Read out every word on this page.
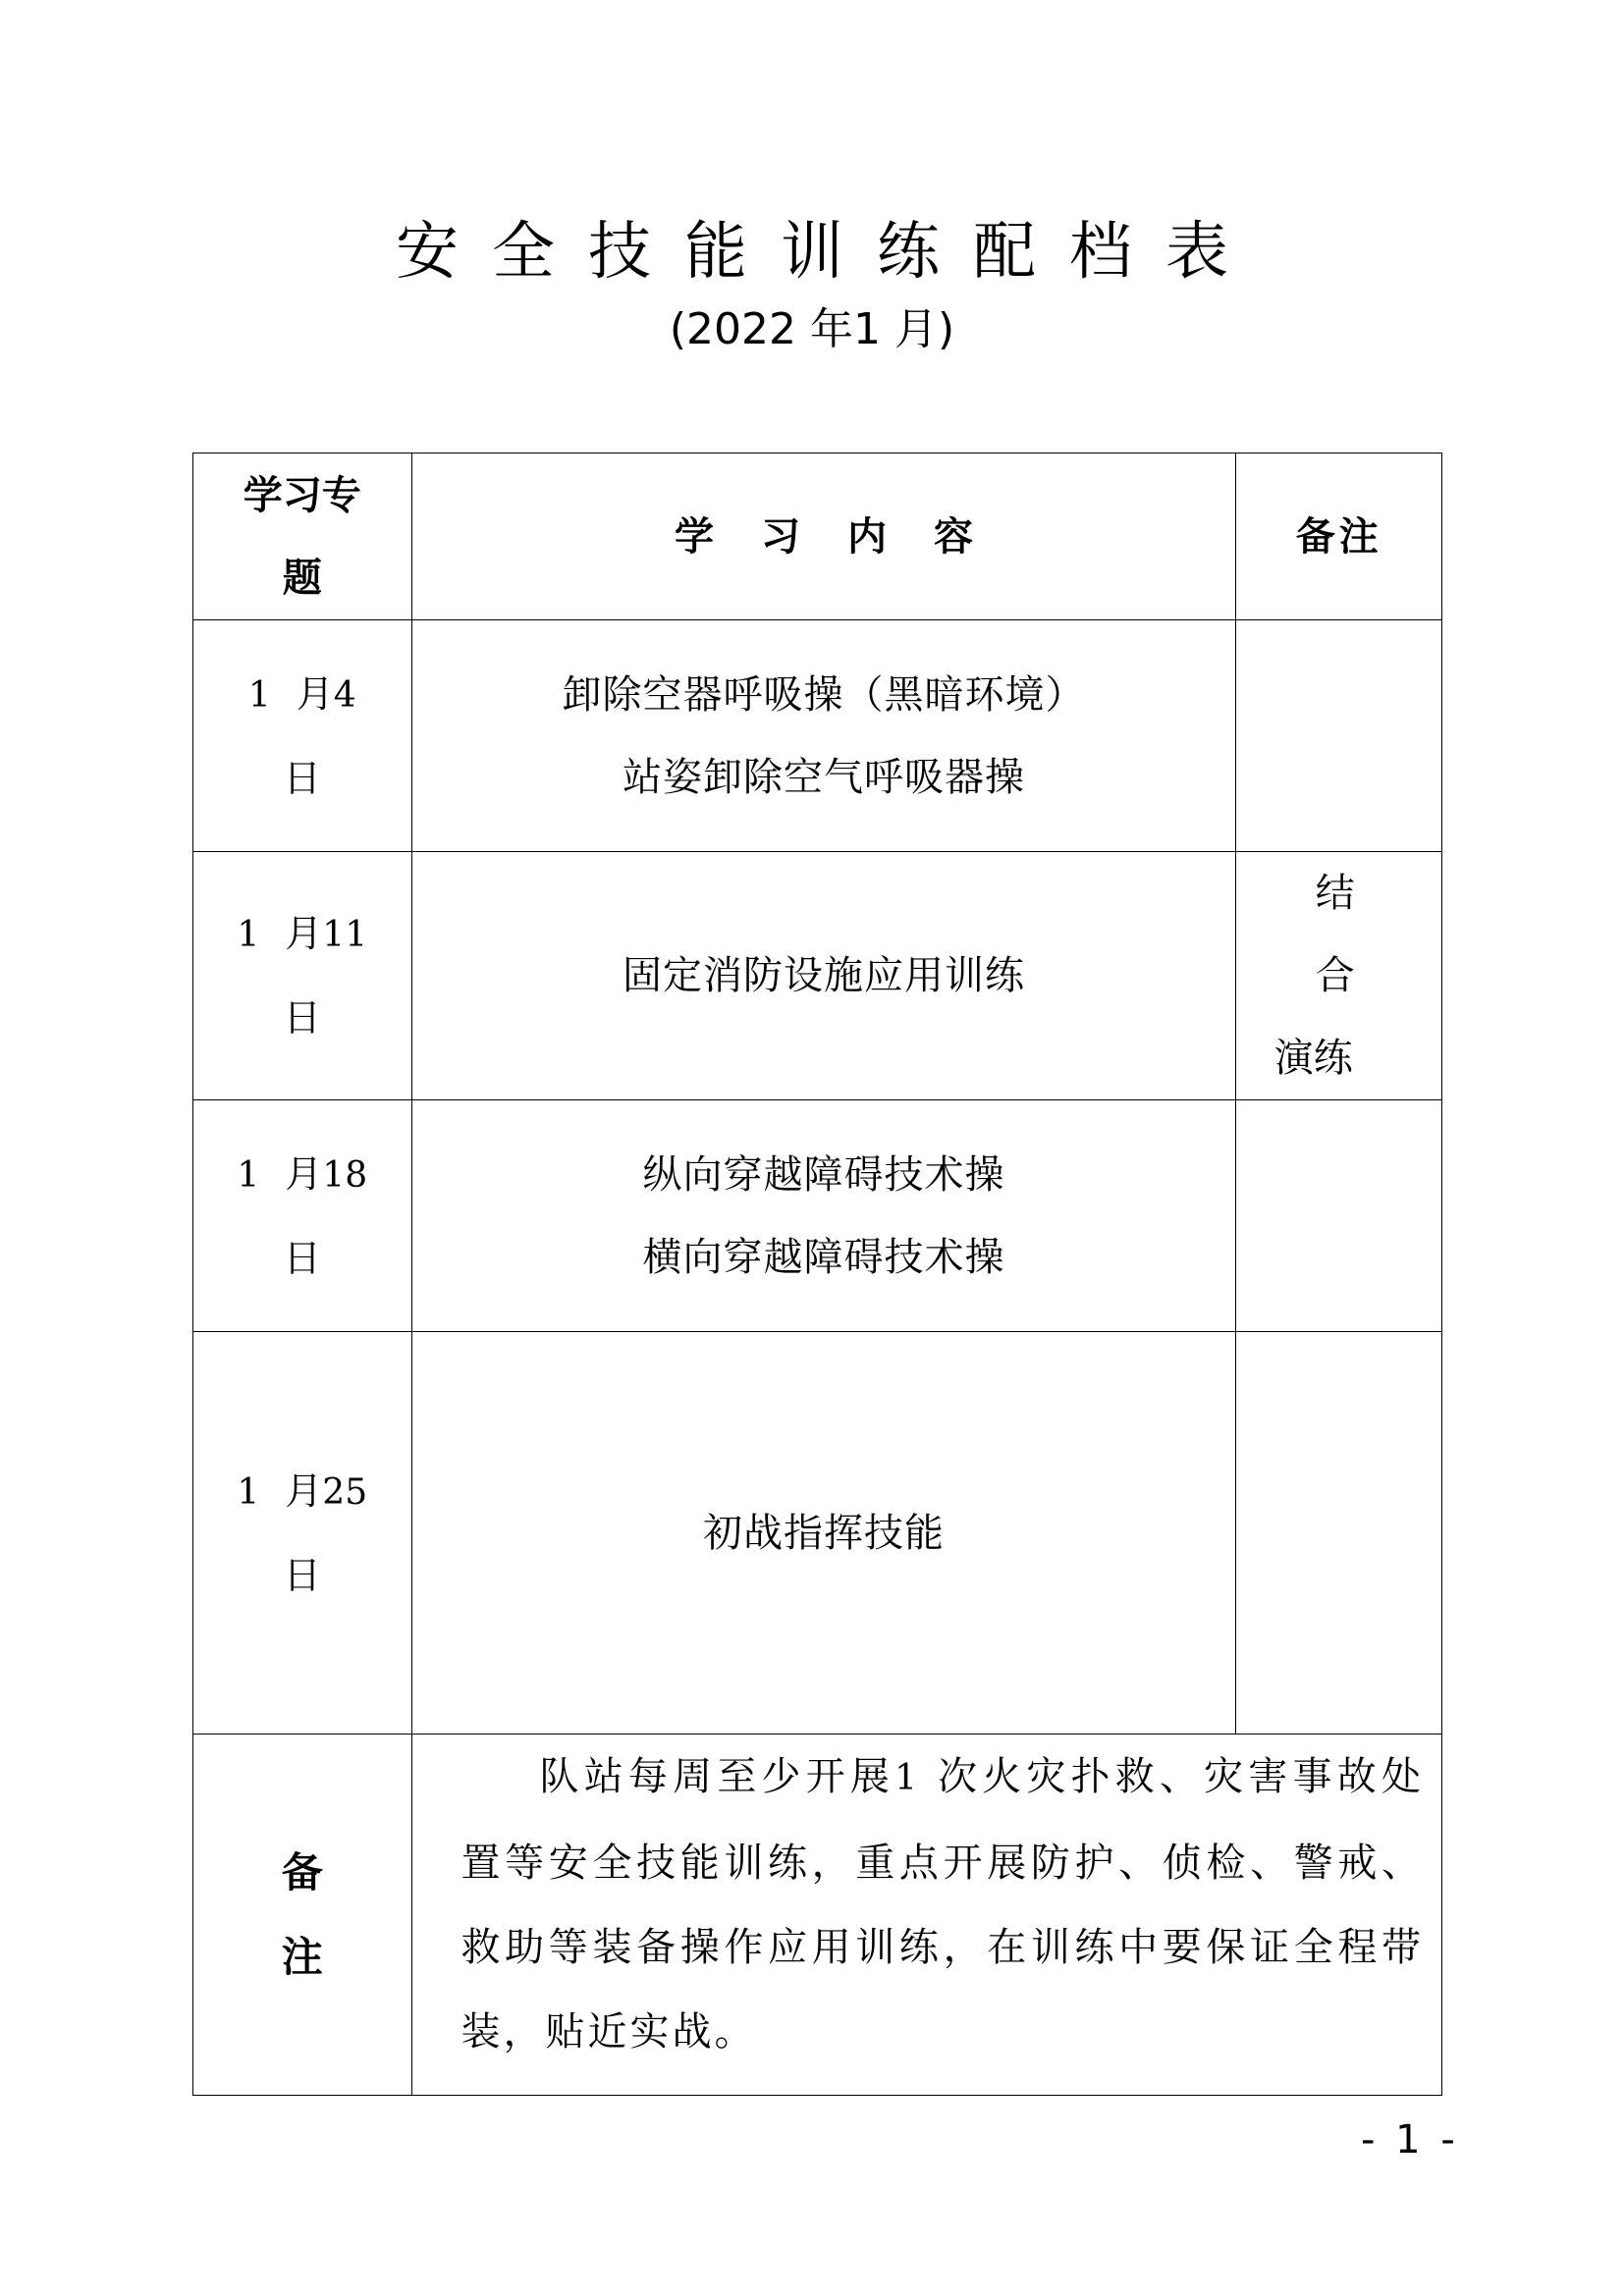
安全技能训练配档表
(2022 年1 月)
学习专
题	学习内容	备注
1 月4
日	卸除空器呼吸操（黑暗环境）
站姿卸除空气呼吸器操	

1 月11
日	固定消防设施应用训练	结合
演练

1 月18
日	纵向穿越障碍技术操
横向穿越障碍技术操	

1 月25
日	初战指挥技能	

备
注	队站每周至少开展1 次火灾扑救、灾害事故处置等安全技能训练，重点开展防护、侦检、警戒、救助等装备操作应用训练，在训练中要保证全程带装，贴近实战。	
- 1 -
